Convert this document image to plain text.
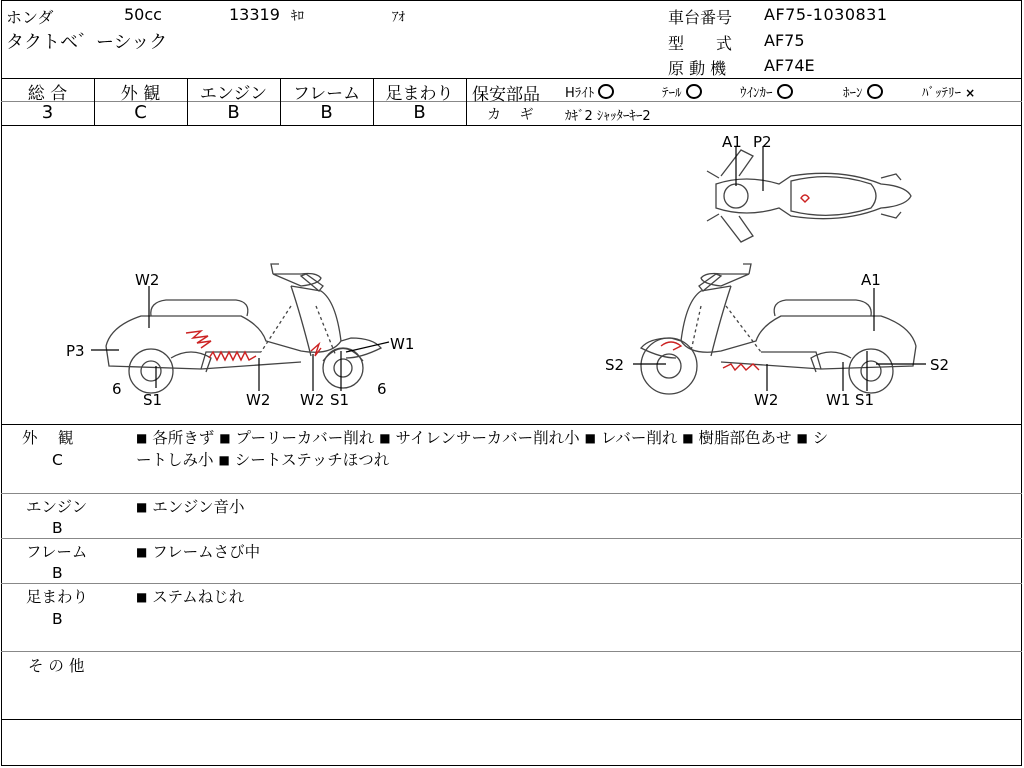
ホンダ	50cc	13319 ｷﾛ	ｱｵ
タクトベ゛ーシック
車台番号 AF75-1030831
型　　式 AF75
原 動 機 AF74E
総 合	外 観	エンジン	フレーム	足まわり
3	C	B	B	B
保安部品 Hﾗｲﾄ	ﾃｰﾙ	ｳｲﾝｶｰ	ﾎｰﾝ	ﾊﾞｯﾃﾘｰ ×
カ　 ギ ｶｷﾞ2 ｼｬｯﾀｰｷｰ2
W2
P3
6
S1	W2 W2 S1
W1
6
A1 P2
A1
S2
W2	W1 S1
S2
外　 観
C
■ 各所きず ■ プーリーカバー削れ ■ サイレンサーカバー削れ小 ■ レバー削れ ■ 樹脂部色あせ ■ シ
ートしみ小 ■ シートステッチほつれ
エンジン
B
■ エンジン音小
フレーム
B
■ フレームさび中
足まわり
B
■ ステムねじれ
そ の 他
